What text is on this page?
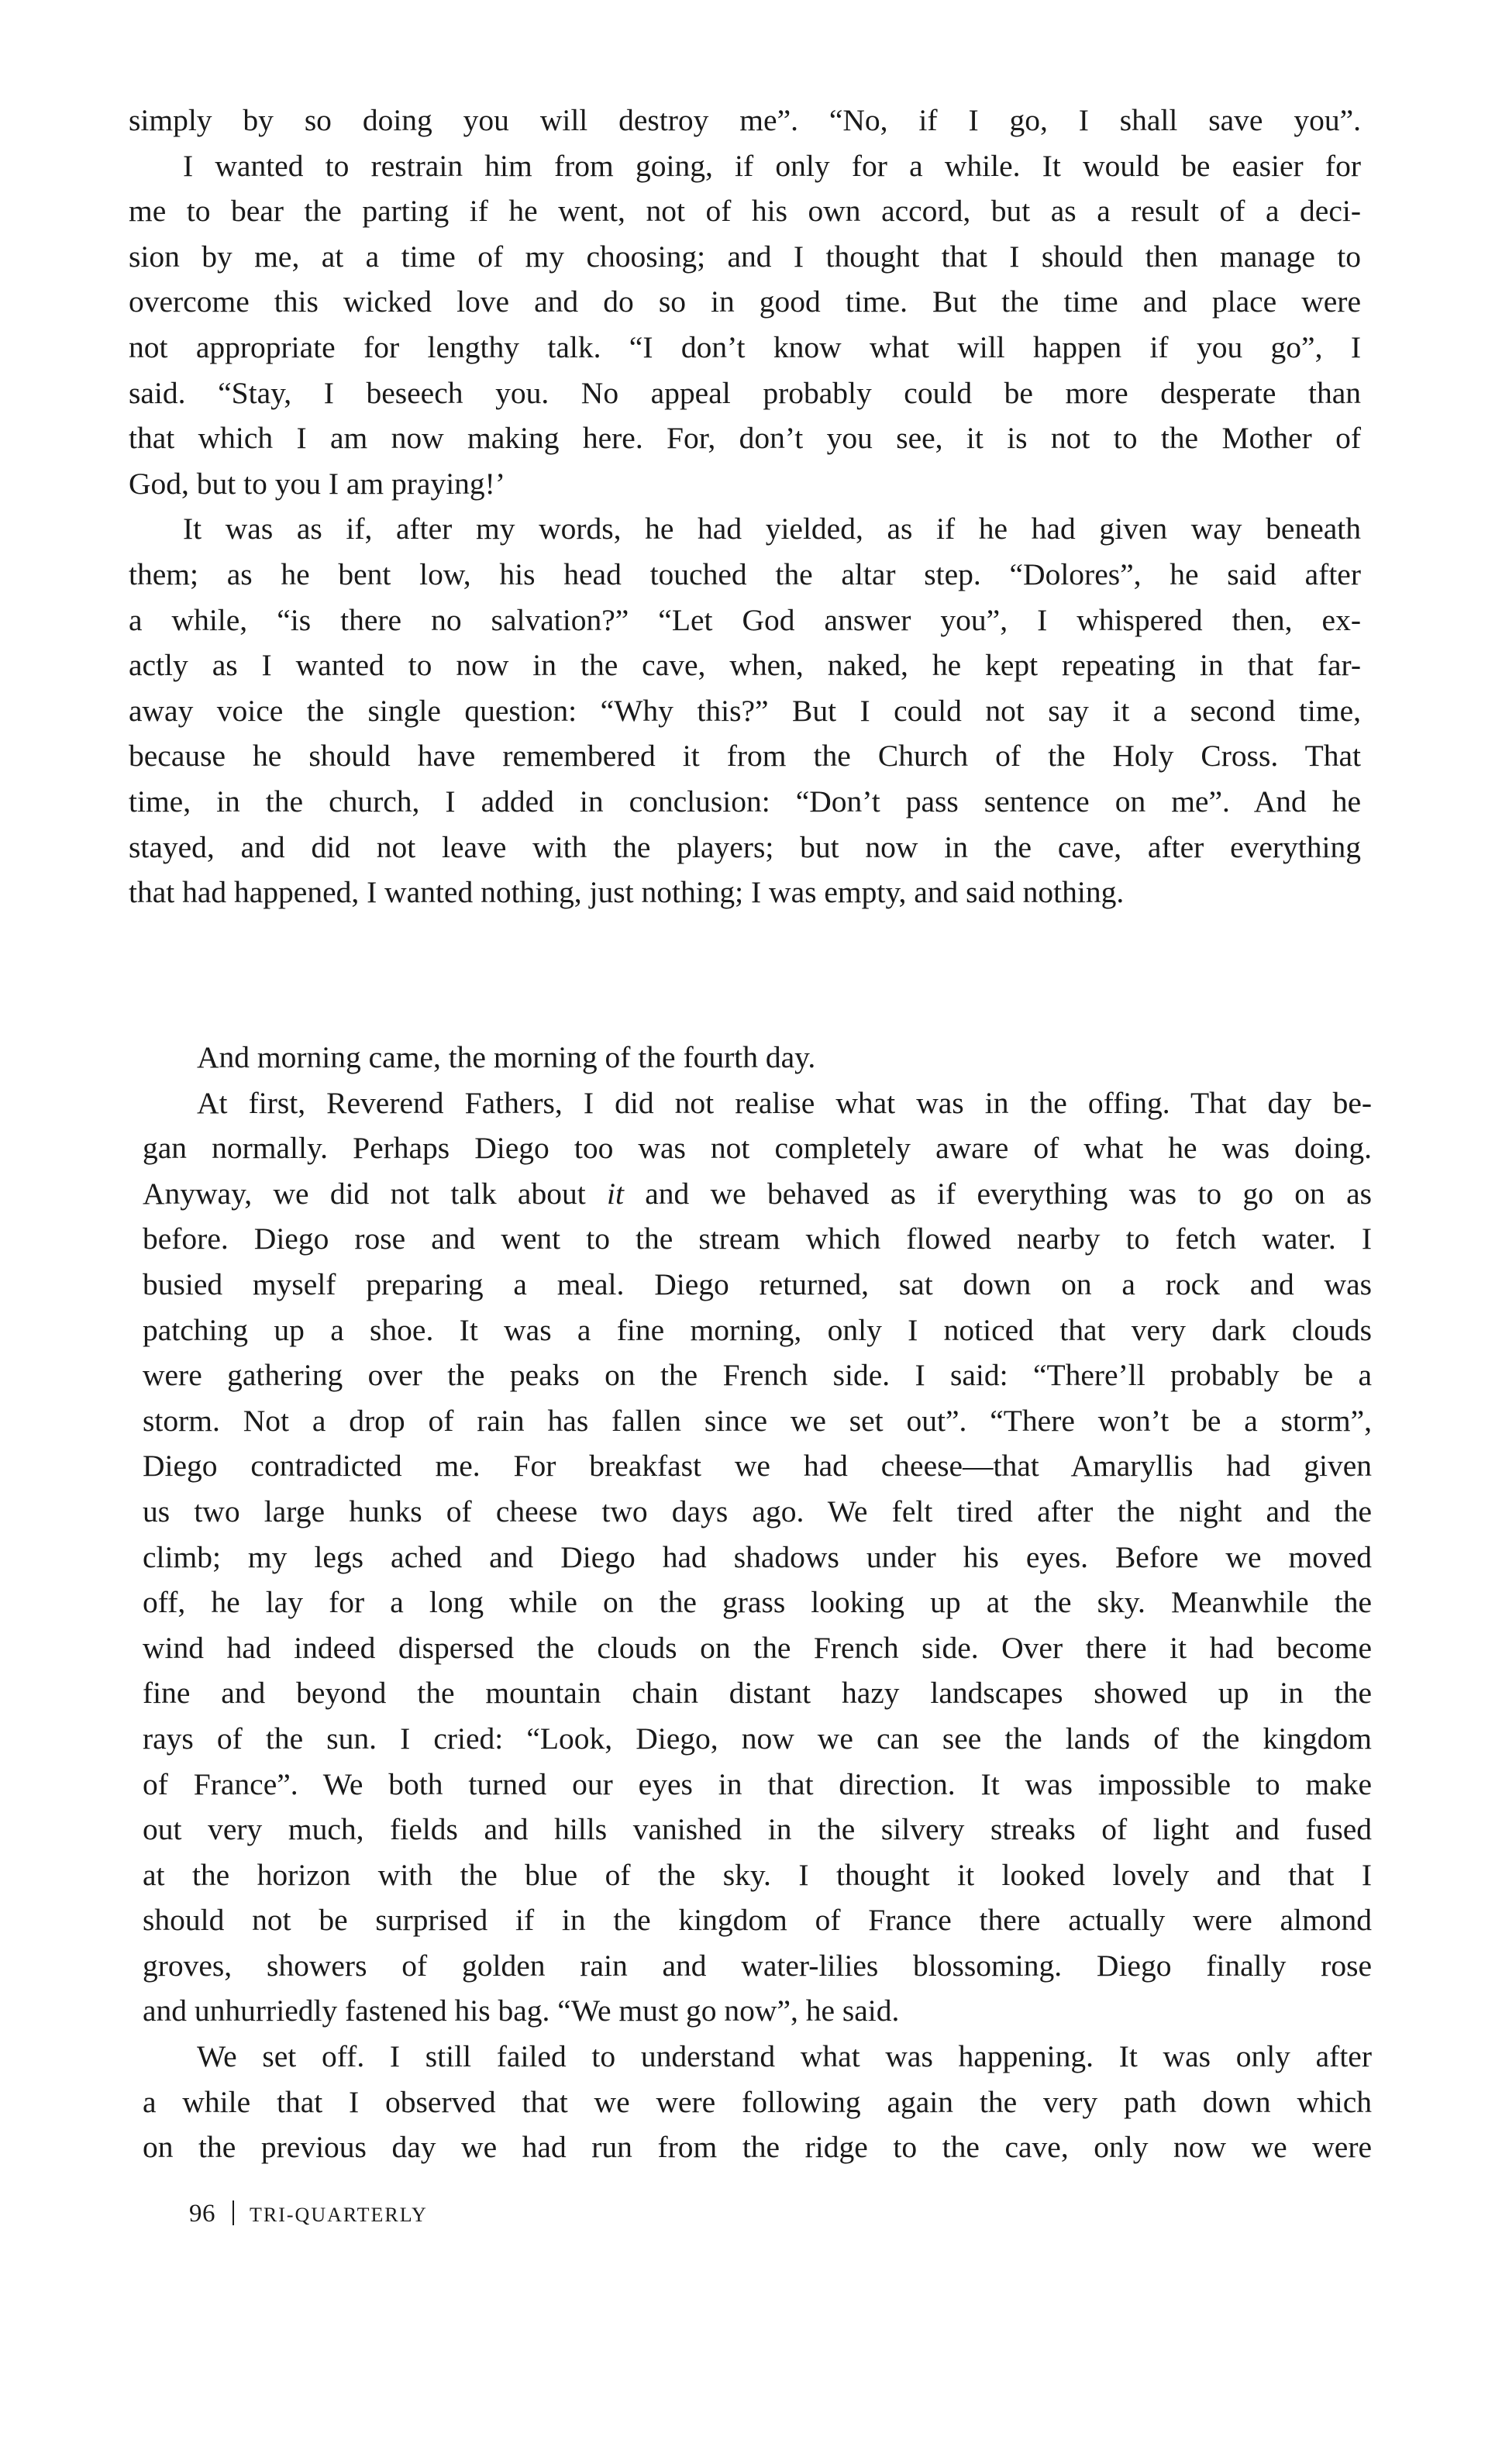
simply by so doing you will destroy me”. “No, if I go, I shall save you”.
I wanted to restrain him from going, if only for a while. It would be easier for
me to bear the parting if he went, not of his own accord, but as a result of a deci-
sion by me, at a time of my choosing; and I thought that I should then manage to
overcome this wicked love and do so in good time. But the time and place were
not appropriate for lengthy talk. “I don’t know what will happen if you go”, I
said. “Stay, I beseech you. No appeal probably could be more desperate than
that which I am now making here. For, don’t you see, it is not to the Mother of
God, but to you I am praying!’
It was as if, after my words, he had yielded, as if he had given way beneath
them; as he bent low, his head touched the altar step. “Dolores”, he said after
a while, “is there no salvation?” “Let God answer you”, I whispered then, ex-
actly as I wanted to now in the cave, when, naked, he kept repeating in that far-
away voice the single question: “Why this?” But I could not say it a second time,
because he should have remembered it from the Church of the Holy Cross. That
time, in the church, I added in conclusion: “Don’t pass sentence on me”. And he
stayed, and did not leave with the players; but now in the cave, after everything
that had happened, I wanted nothing, just nothing; I was empty, and said nothing.
And morning came, the morning of the fourth day.
At first, Reverend Fathers, I did not realise what was in the offing. That day be-
gan normally. Perhaps Diego too was not completely aware of what he was doing.
Anyway, we did not talk about it and we behaved as if everything was to go on as
before. Diego rose and went to the stream which flowed nearby to fetch water. I
busied myself preparing a meal. Diego returned, sat down on a rock and was
patching up a shoe. It was a fine morning, only I noticed that very dark clouds
were gathering over the peaks on the French side. I said: “There’ll probably be a
storm. Not a drop of rain has fallen since we set out”. “There won’t be a storm”,
Diego contradicted me. For breakfast we had cheese—that Amaryllis had given
us two large hunks of cheese two days ago. We felt tired after the night and the
climb; my legs ached and Diego had shadows under his eyes. Before we moved
off, he lay for a long while on the grass looking up at the sky. Meanwhile the
wind had indeed dispersed the clouds on the French side. Over there it had become
fine and beyond the mountain chain distant hazy landscapes showed up in the
rays of the sun. I cried: “Look, Diego, now we can see the lands of the kingdom
of France”. We both turned our eyes in that direction. It was impossible to make
out very much, fields and hills vanished in the silvery streaks of light and fused
at the horizon with the blue of the sky. I thought it looked lovely and that I
should not be surprised if in the kingdom of France there actually were almond
groves, showers of golden rain and water-lilies blossoming. Diego finally rose
and unhurriedly fastened his bag. “We must go now”, he said.
We set off. I still failed to understand what was happening. It was only after
a while that I observed that we were following again the very path down which
on the previous day we had run from the ridge to the cave, only now we were
96 TRI-QUARTERLY
